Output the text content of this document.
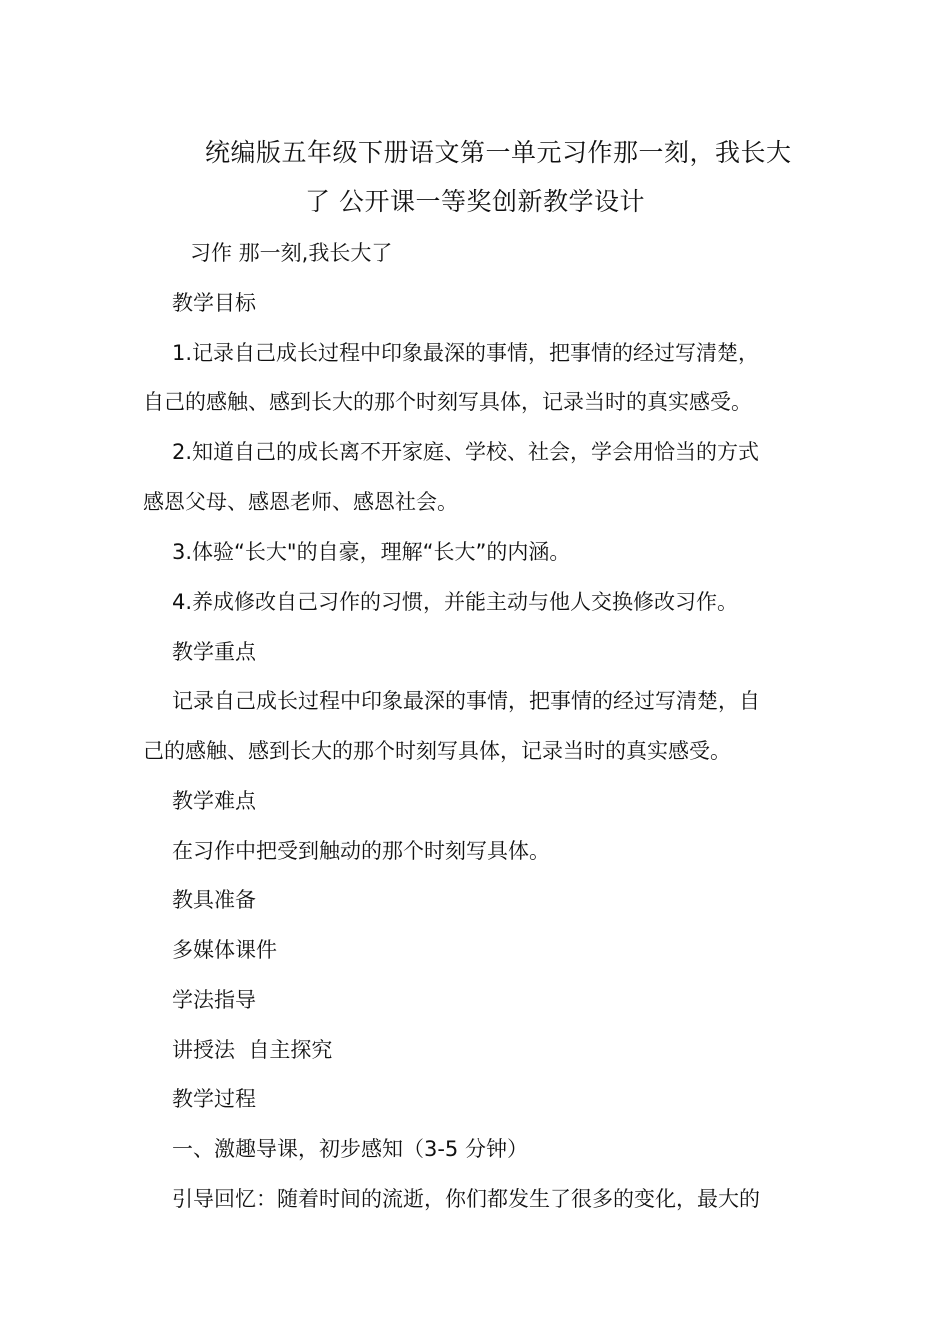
统编版五年级下册语文第一单元习作那一刻，我长大
了 公开课一等奖创新教学设计
习作 那一刻,我长大了
教学目标
1.记录自己成长过程中印象最深的事情，把事情的经过写清楚，
自己的感触、感到长大的那个时刻写具体，记录当时的真实感受。
2.知道自己的成长离不开家庭、学校、社会，学会用恰当的方式
感恩父母、感恩老师、感恩社会。
3.体验“长大"的自豪，理解“长大”的内涵。
4.养成修改自己习作的习惯，并能主动与他人交换修改习作。
教学重点
记录自己成长过程中印象最深的事情，把事情的经过写清楚，自
己的感触、感到长大的那个时刻写具体，记录当时的真实感受。
教学难点
在习作中把受到触动的那个时刻写具体。
教具准备
多媒体课件
学法指导
讲授法  自主探究
教学过程
一、激趣导课，初步感知（3-5 分钟）
引导回忆：随着时间的流逝，你们都发生了很多的变化，最大的
